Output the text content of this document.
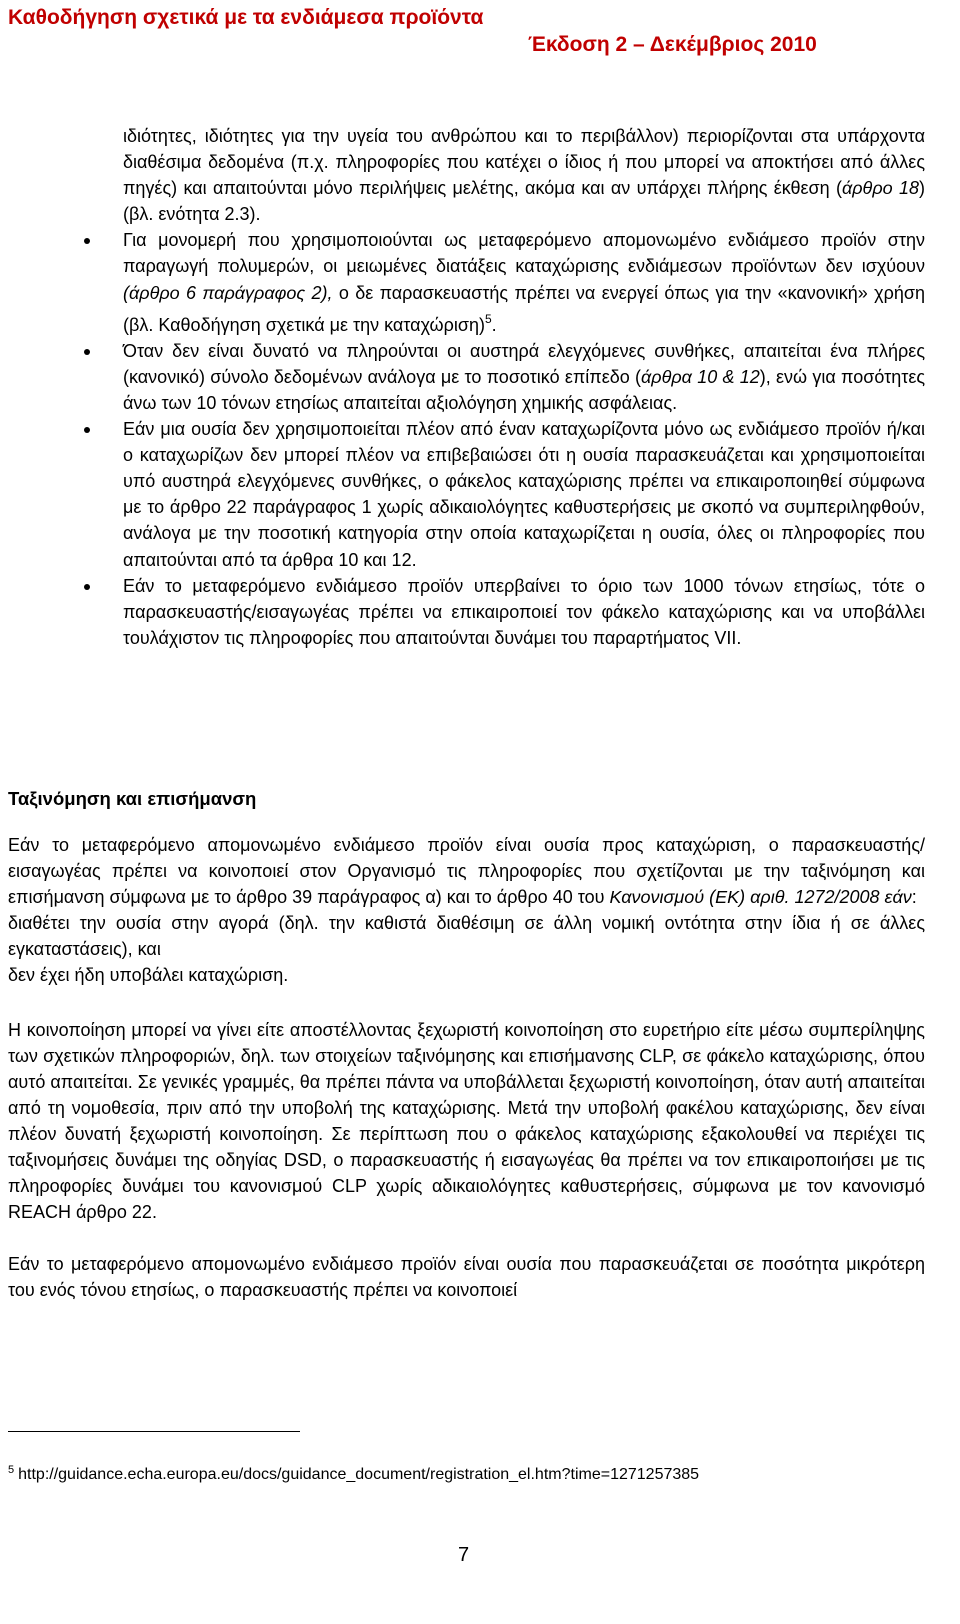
Καθοδήγηση σχετικά με τα ενδιάμεσα προϊόντα
Έκδοση 2 – Δεκέμβριος 2010

ιδιότητες, ιδιότητες για την υγεία του ανθρώπου και το περιβάλλον) περιορίζονται στα υπάρχοντα διαθέσιμα δεδομένα (π.χ. πληροφορίες που κατέχει ο ίδιος ή που μπορεί να αποκτήσει από άλλες πηγές) και απαιτούνται μόνο περιλήψεις μελέτης, ακόμα και αν υπάρχει πλήρης έκθεση (άρθρο 18) (βλ. ενότητα 2.3).

Για μονομερή που χρησιμοποιούνται ως μεταφερόμενο απομονωμένο ενδιάμεσο προϊόν στην παραγωγή πολυμερών, οι μειωμένες διατάξεις καταχώρισης ενδιάμεσων προϊόντων δεν ισχύουν (άρθρο 6 παράγραφος 2), ο δε παρασκευαστής πρέπει να ενεργεί όπως για την «κανονική» χρήση (βλ. Καθοδήγηση σχετικά με την καταχώριση)$^5$.
Όταν δεν είναι δυνατό να πληρούνται οι αυστηρά ελεγχόμενες συνθήκες, απαιτείται ένα πλήρες (κανονικό) σύνολο δεδομένων ανάλογα με το ποσοτικό επίπεδο (άρθρα 10 & 12), ενώ για ποσότητες άνω των 10 τόνων ετησίως απαιτείται αξιολόγηση χημικής ασφάλειας.
Εάν μια ουσία δεν χρησιμοποιείται πλέον από έναν καταχωρίζοντα μόνο ως ενδιάμεσο προϊόν ή/και ο καταχωρίζων δεν μπορεί πλέον να επιβεβαιώσει ότι η ουσία παρασκευάζεται και χρησιμοποιείται υπό αυστηρά ελεγχόμενες συνθήκες, ο φάκελος καταχώρισης πρέπει να επικαιροποιηθεί σύμφωνα με το άρθρο 22 παράγραφος 1 χωρίς αδικαιολόγητες καθυστερήσεις με σκοπό να συμπεριληφθούν, ανάλογα με την ποσοτική κατηγορία στην οποία καταχωρίζεται η ουσία, όλες οι πληροφορίες που απαιτούνται από τα άρθρα 10 και 12.
Εάν το μεταφερόμενο ενδιάμεσο προϊόν υπερβαίνει το όριο των 1000 τόνων ετησίως, τότε ο παρασκευαστής/εισαγωγέας πρέπει να επικαιροποιεί τον φάκελο καταχώρισης και να υποβάλλει τουλάχιστον τις πληροφορίες που απαιτούνται δυνάμει του παραρτήματος VII.
Ταξινόμηση και επισήμανση

Εάν το μεταφερόμενο απομονωμένο ενδιάμεσο προϊόν είναι ουσία προς καταχώριση, ο παρασκευαστής/εισαγωγέας πρέπει να κοινοποιεί στον Οργανισμό τις πληροφορίες που σχετίζονται με την ταξινόμηση και επισήμανση σύμφωνα με το άρθρο 39 παράγραφος α) και το άρθρο 40 του Κανονισμού (ΕΚ) αριθ. 1272/2008 εάν:

διαθέτει την ουσία στην αγορά (δηλ. την καθιστά διαθέσιμη σε άλλη νομική οντότητα στην ίδια ή σε άλλες εγκαταστάσεις), και
δεν έχει ήδη υποβάλει καταχώριση.

Η κοινοποίηση μπορεί να γίνει είτε αποστέλλοντας ξεχωριστή κοινοποίηση στο ευρετήριο είτε μέσω συμπερίληψης των σχετικών πληροφοριών, δηλ. των στοιχείων ταξινόμησης και επισήμανσης CLP, σε φάκελο καταχώρισης, όπου αυτό απαιτείται. Σε γενικές γραμμές, θα πρέπει πάντα να υποβάλλεται ξεχωριστή κοινοποίηση, όταν αυτή απαιτείται από τη νομοθεσία, πριν από την υποβολή της καταχώρισης. Μετά την υποβολή φακέλου καταχώρισης, δεν είναι πλέον δυνατή ξεχωριστή κοινοποίηση. Σε περίπτωση που ο φάκελος καταχώρισης εξακολουθεί να περιέχει τις ταξινομήσεις δυνάμει της οδηγίας DSD, ο παρασκευαστής ή εισαγωγέας θα πρέπει να τον επικαιροποιήσει με τις πληροφορίες δυνάμει του κανονισμού CLP χωρίς αδικαιολόγητες καθυστερήσεις, σύμφωνα με τον κανονισμό REACH άρθρο 22.

Εάν το μεταφερόμενο απομονωμένο ενδιάμεσο προϊόν είναι ουσία που παρασκευάζεται σε ποσότητα μικρότερη του ενός τόνου ετησίως, ο παρασκευαστής πρέπει να κοινοποιεί

$^5$ http://guidance.echa.europa.eu/docs/guidance_document/registration_el.htm?time=1271257385
7
